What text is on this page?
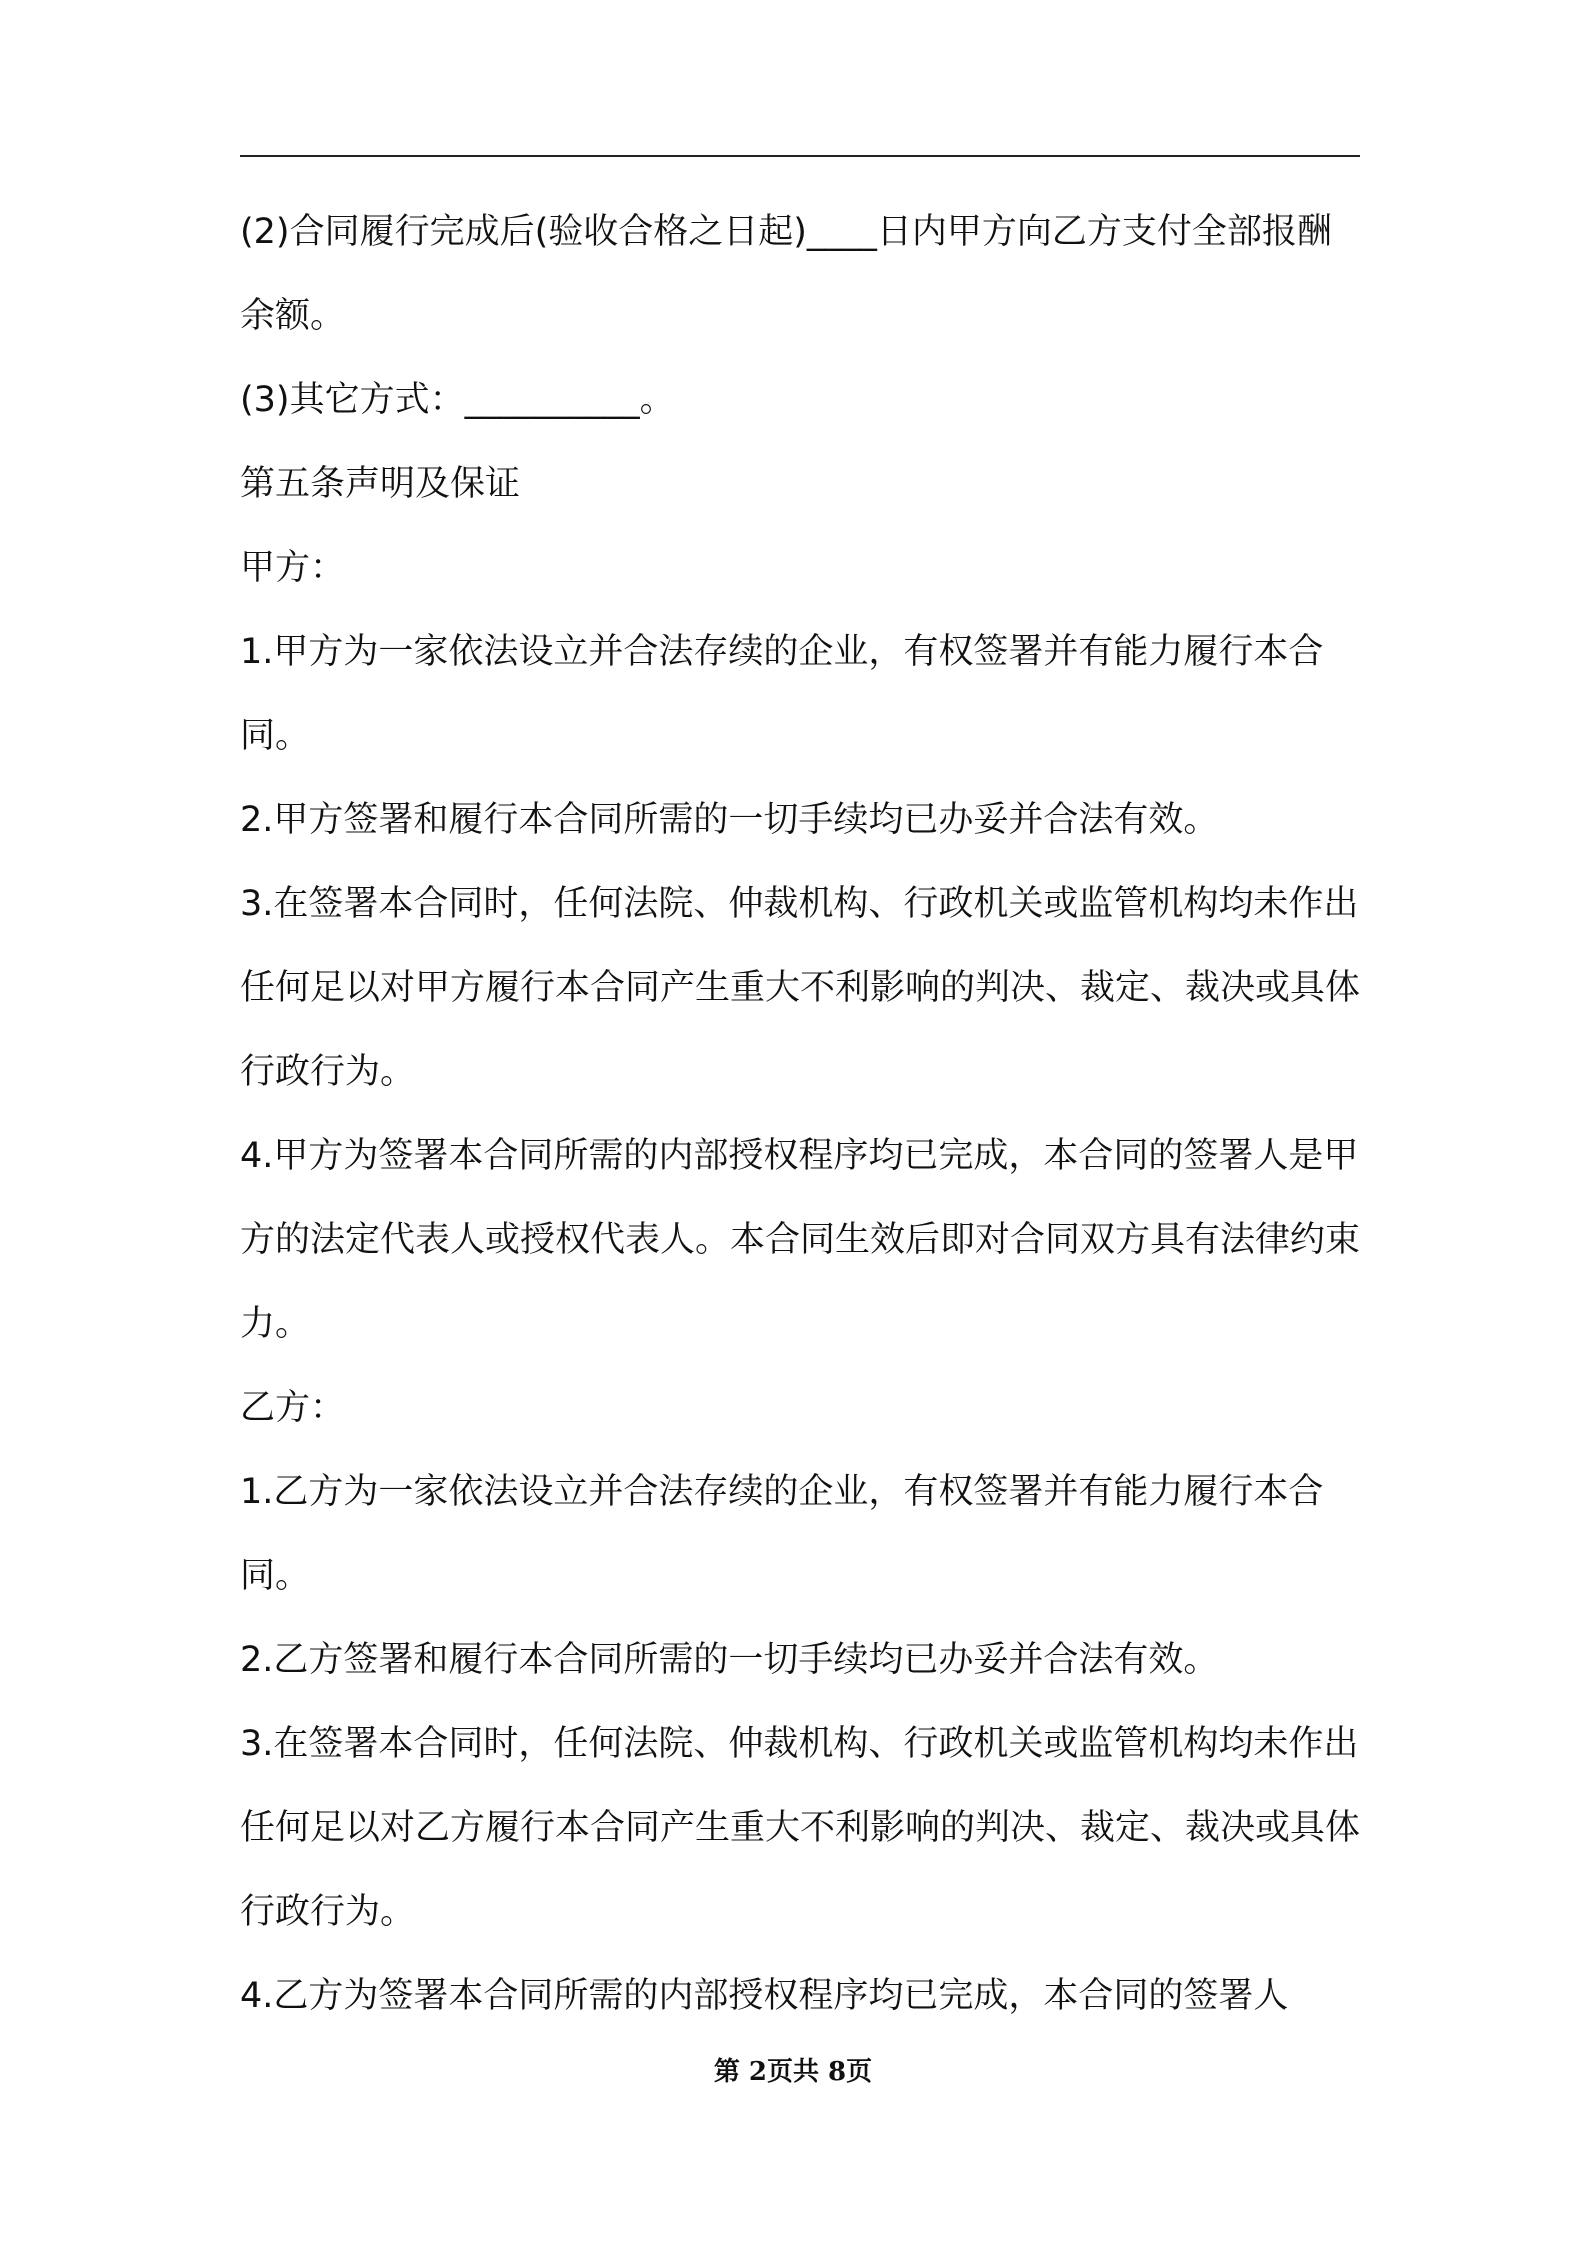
(2)合同履行完成后(验收合格之日起)____日内甲方向乙方支付全部报酬余额。

(3)其它方式：__________。

第五条声明及保证

甲方：

1.甲方为一家依法设立并合法存续的企业，有权签署并有能力履行本合同。

2.甲方签署和履行本合同所需的一切手续均已办妥并合法有效。

3.在签署本合同时，任何法院、仲裁机构、行政机关或监管机构均未作出任何足以对甲方履行本合同产生重大不利影响的判决、裁定、裁决或具体行政行为。

4.甲方为签署本合同所需的内部授权程序均已完成，本合同的签署人是甲方的法定代表人或授权代表人。本合同生效后即对合同双方具有法律约束力。

乙方：

1.乙方为一家依法设立并合法存续的企业，有权签署并有能力履行本合同。

2.乙方签署和履行本合同所需的一切手续均已办妥并合法有效。

3.在签署本合同时，任何法院、仲裁机构、行政机关或监管机构均未作出任何足以对乙方履行本合同产生重大不利影响的判决、裁定、裁决或具体行政行为。

4.乙方为签署本合同所需的内部授权程序均已完成，本合同的签署人

第 2页共 8页
